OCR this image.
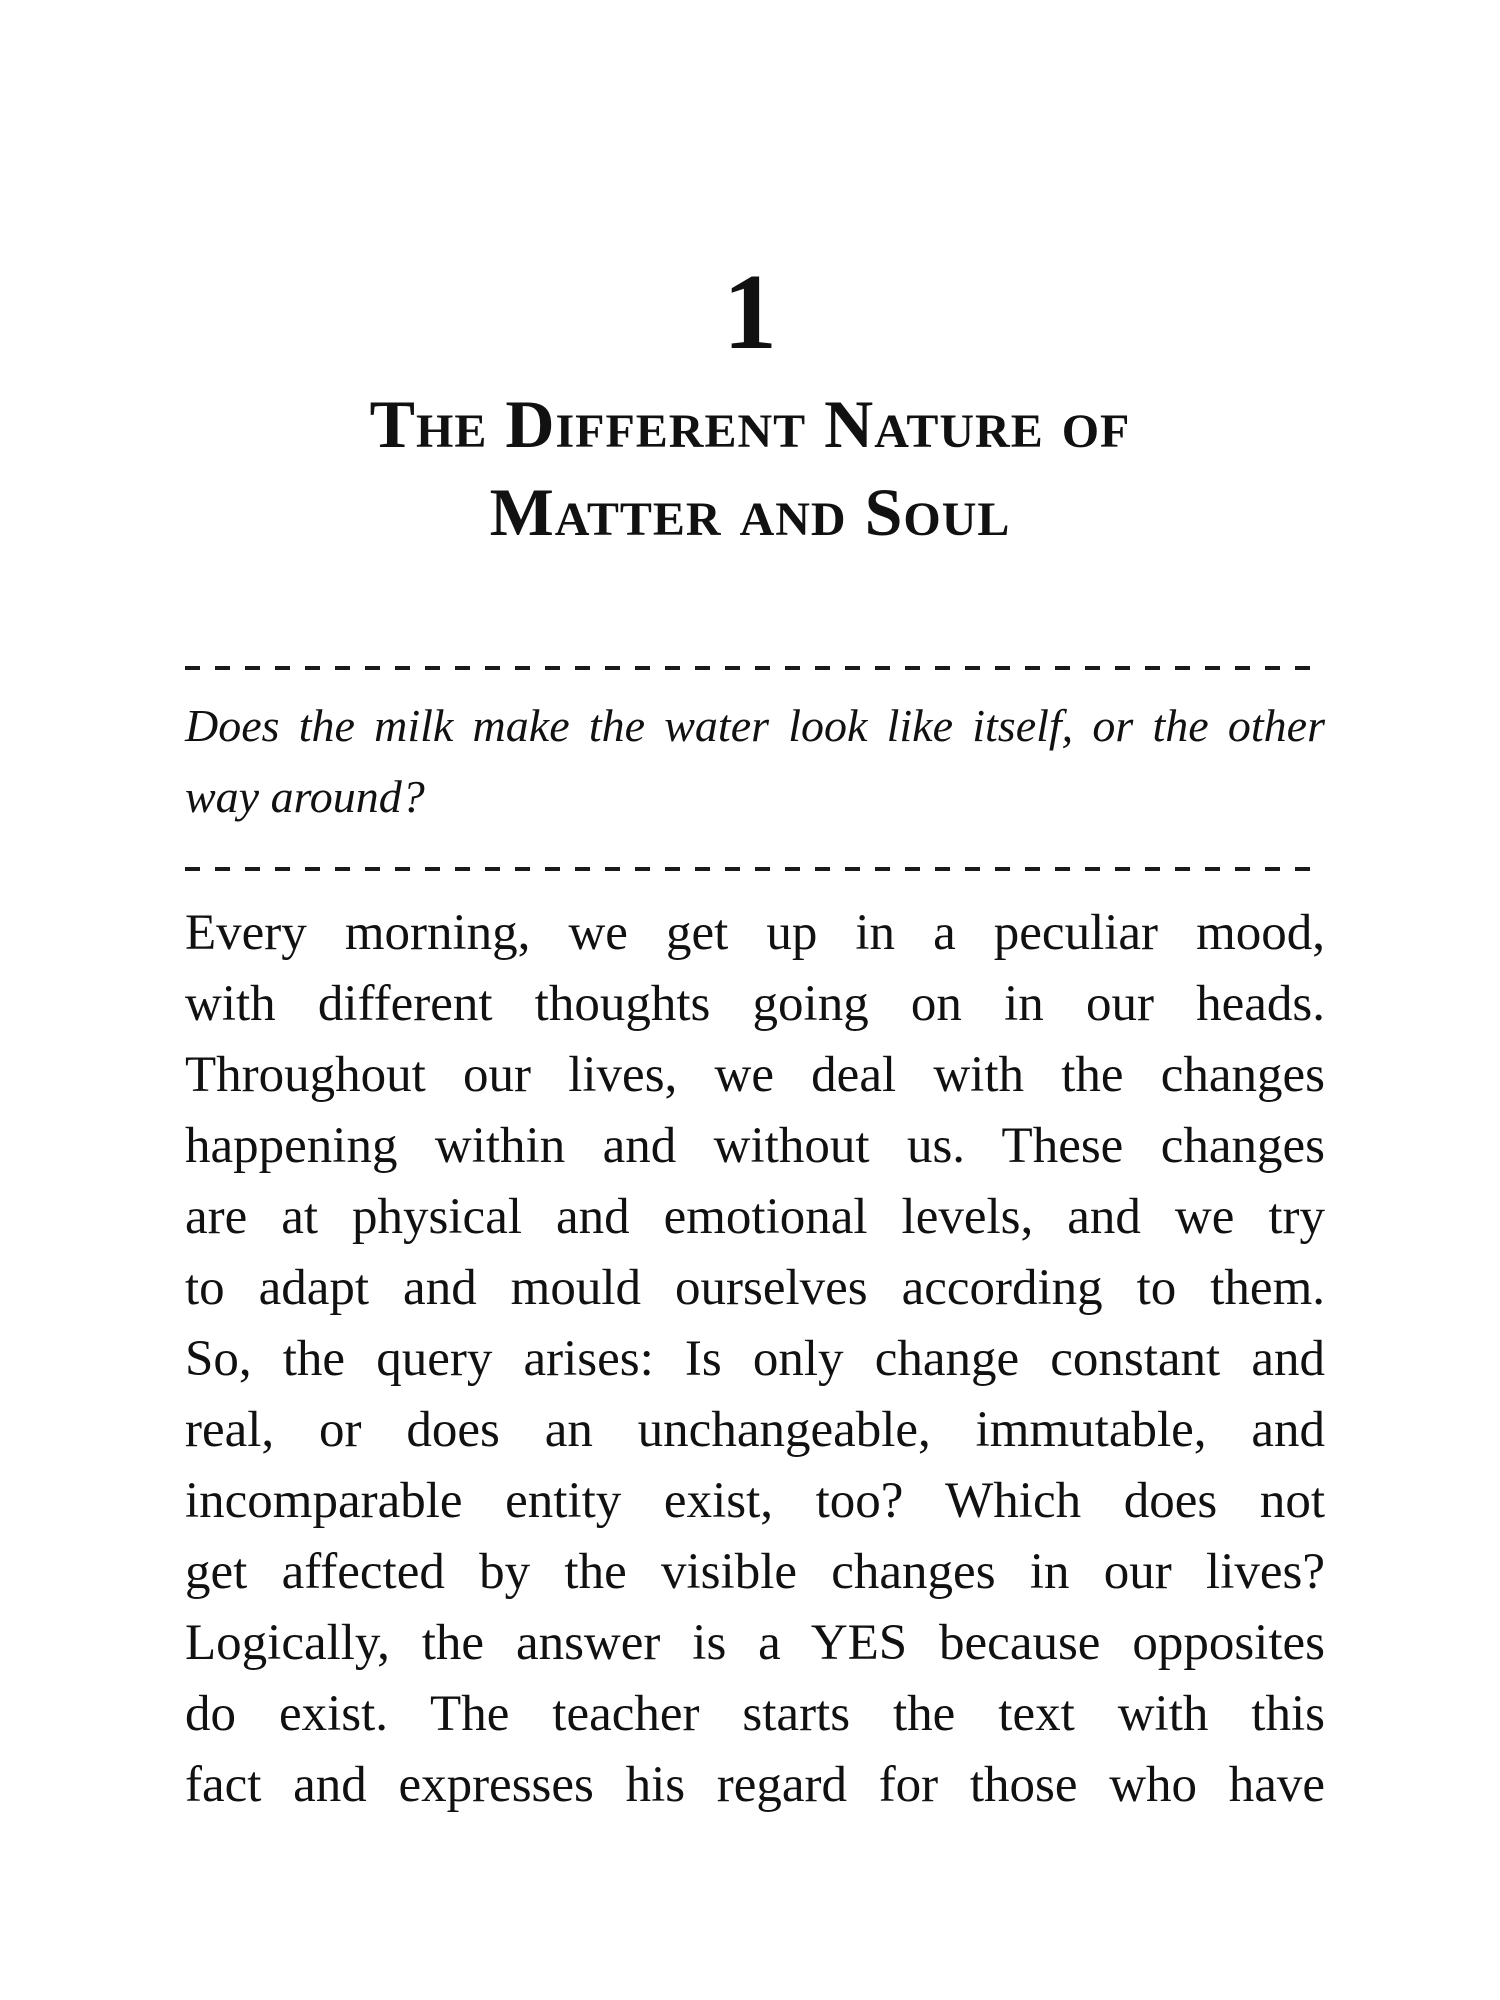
1
The Different Nature of
Matter and Soul

Does the milk make the water look like itself, or the other way around?

Every morning, we get up in a peculiar mood,
with different thoughts going on in our heads.
Throughout our lives, we deal with the changes
happening within and without us. These changes
are at physical and emotional levels, and we try
to adapt and mould ourselves according to them.
So, the query arises: Is only change constant and
real, or does an unchangeable, immutable, and
incomparable entity exist, too? Which does not
get affected by the visible changes in our lives?
Logically, the answer is a YES because opposites
do exist. The teacher starts the text with this
fact and expresses his regard for those who have
